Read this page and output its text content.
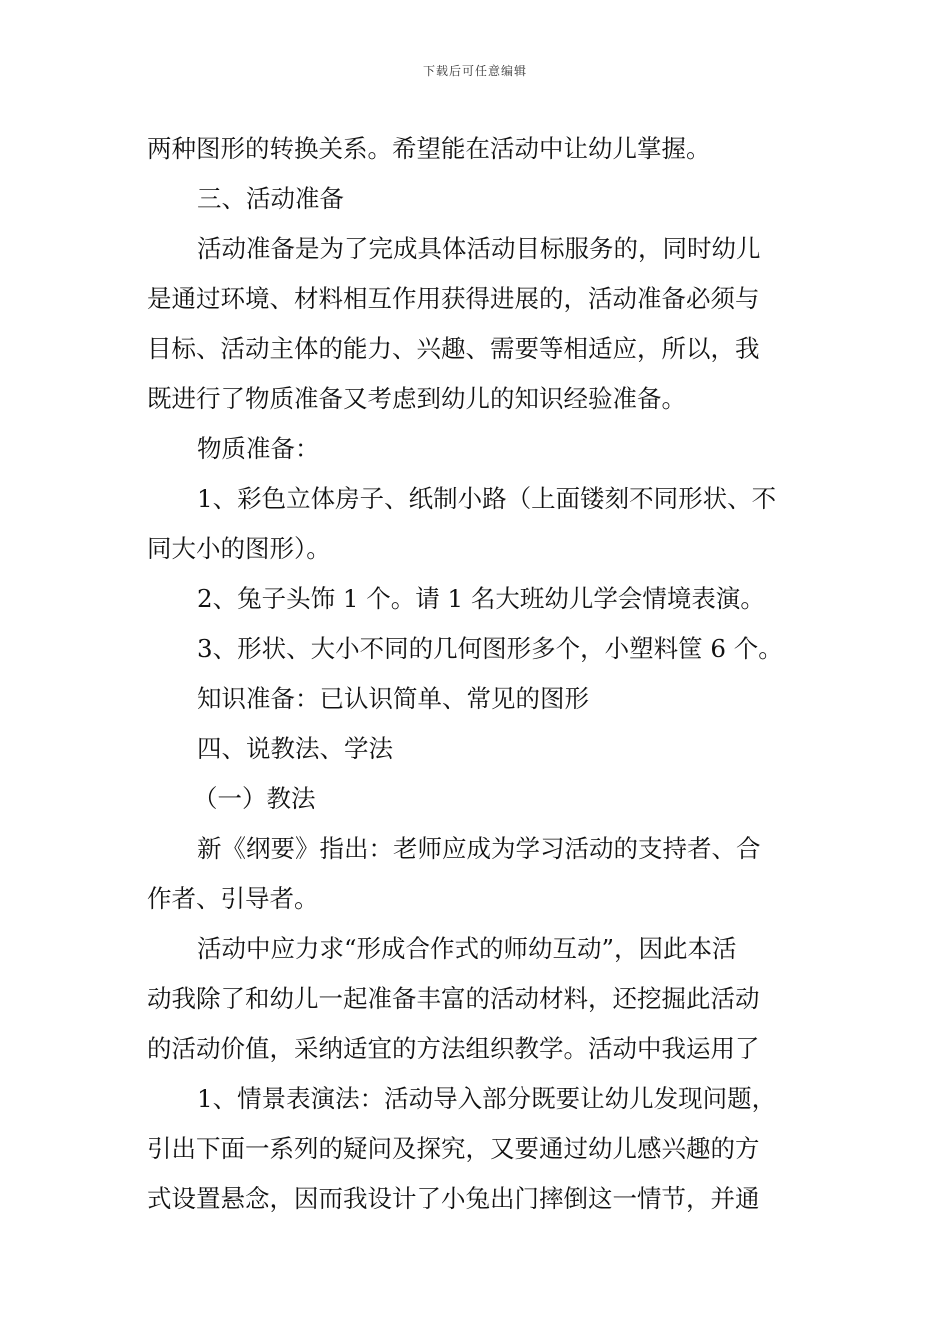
下载后可任意编辑
两种图形的转换关系。希望能在活动中让幼儿掌握。
三、活动准备
活动准备是为了完成具体活动目标服务的，同时幼儿
是通过环境、材料相互作用获得进展的，活动准备必须与
目标、活动主体的能力、兴趣、需要等相适应，所以，我
既进行了物质准备又考虑到幼儿的知识经验准备。
物质准备：
1、彩色立体房子、纸制小路（上面镂刻不同形状、不
同大小的图形）。
2、兔子头饰 1 个。请 1 名大班幼儿学会情境表演。
3、形状、大小不同的几何图形多个，小塑料筐 6 个。
知识准备：已认识简单、常见的图形
四、说教法、学法
（一）教法
新《纲要》指出：老师应成为学习活动的支持者、合
作者、引导者。
活动中应力求“形成合作式的师幼互动”，因此本活
动我除了和幼儿一起准备丰富的活动材料，还挖掘此活动
的活动价值，采纳适宜的方法组织教学。活动中我运用了
1、情景表演法：活动导入部分既要让幼儿发现问题，
引出下面一系列的疑问及探究，又要通过幼儿感兴趣的方
式设置悬念，因而我设计了小兔出门摔倒这一情节，并通
